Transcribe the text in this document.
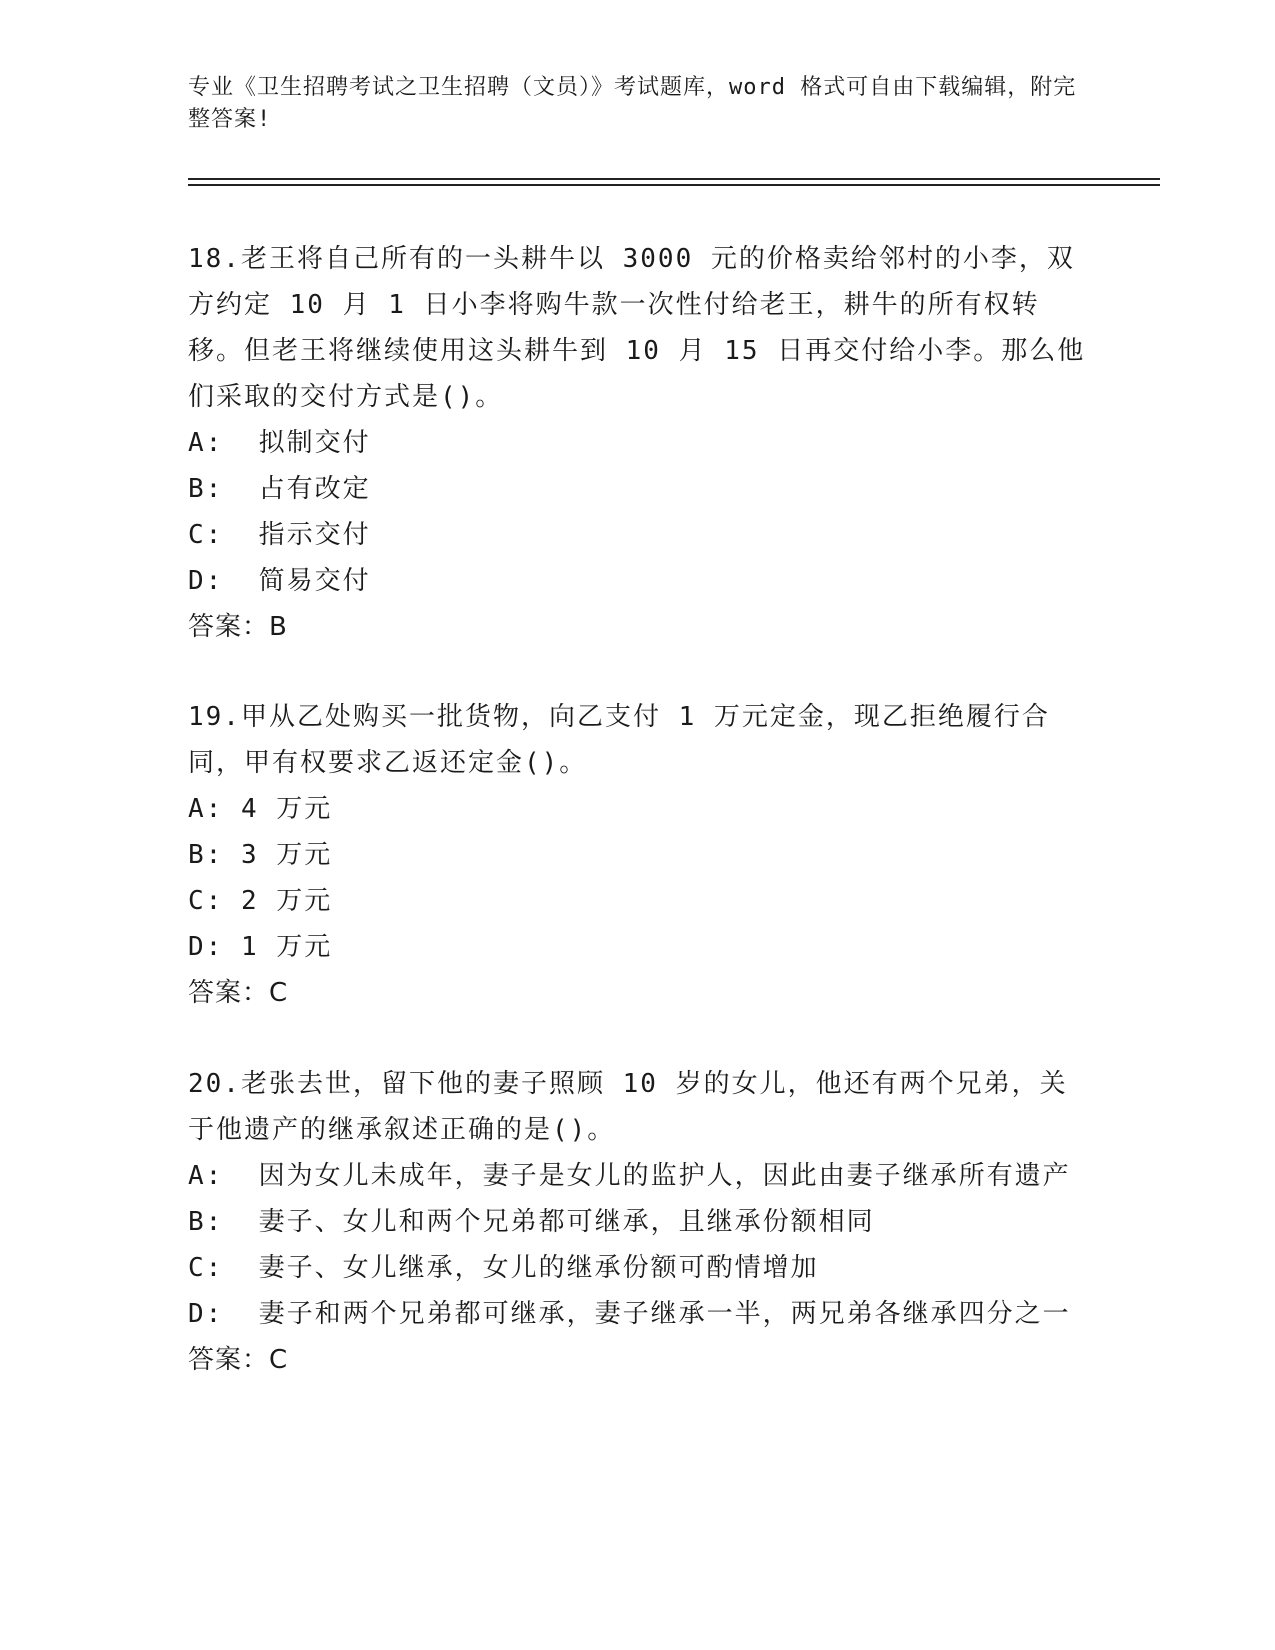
专业《卫生招聘考试之卫生招聘（文员）》考试题库，word 格式可自由下载编辑，附完整答案!

18.老王将自己所有的一头耕牛以 3000 元的价格卖给邻村的小李，双方约定 10 月 1 日小李将购牛款一次性付给老王，耕牛的所有权转移。但老王将继续使用这头耕牛到 10 月 15 日再交付给小李。那么他们采取的交付方式是()。

A :
拟制交付
B :
占有改定
C :
指示交付
D :
简易交付
答案：B

19.甲从乙处购买一批货物，向乙支付 1 万元定金，现乙拒绝履行合同，甲有权要求乙返还定金()。

A :
4 万元
B :
3 万元
C :
2 万元
D :
1 万元
答案：C

20.老张去世，留下他的妻子照顾 10 岁的女儿，他还有两个兄弟，关于他遗产的继承叙述正确的是()。

A :
因为女儿未成年，妻子是女儿的监护人，因此由妻子继承所有遗产
B :
妻子、女儿和两个兄弟都可继承，且继承份额相同
C :
妻子、女儿继承，女儿的继承份额可酌情增加
D :
妻子和两个兄弟都可继承，妻子继承一半，两兄弟各继承四分之一
答案：C
